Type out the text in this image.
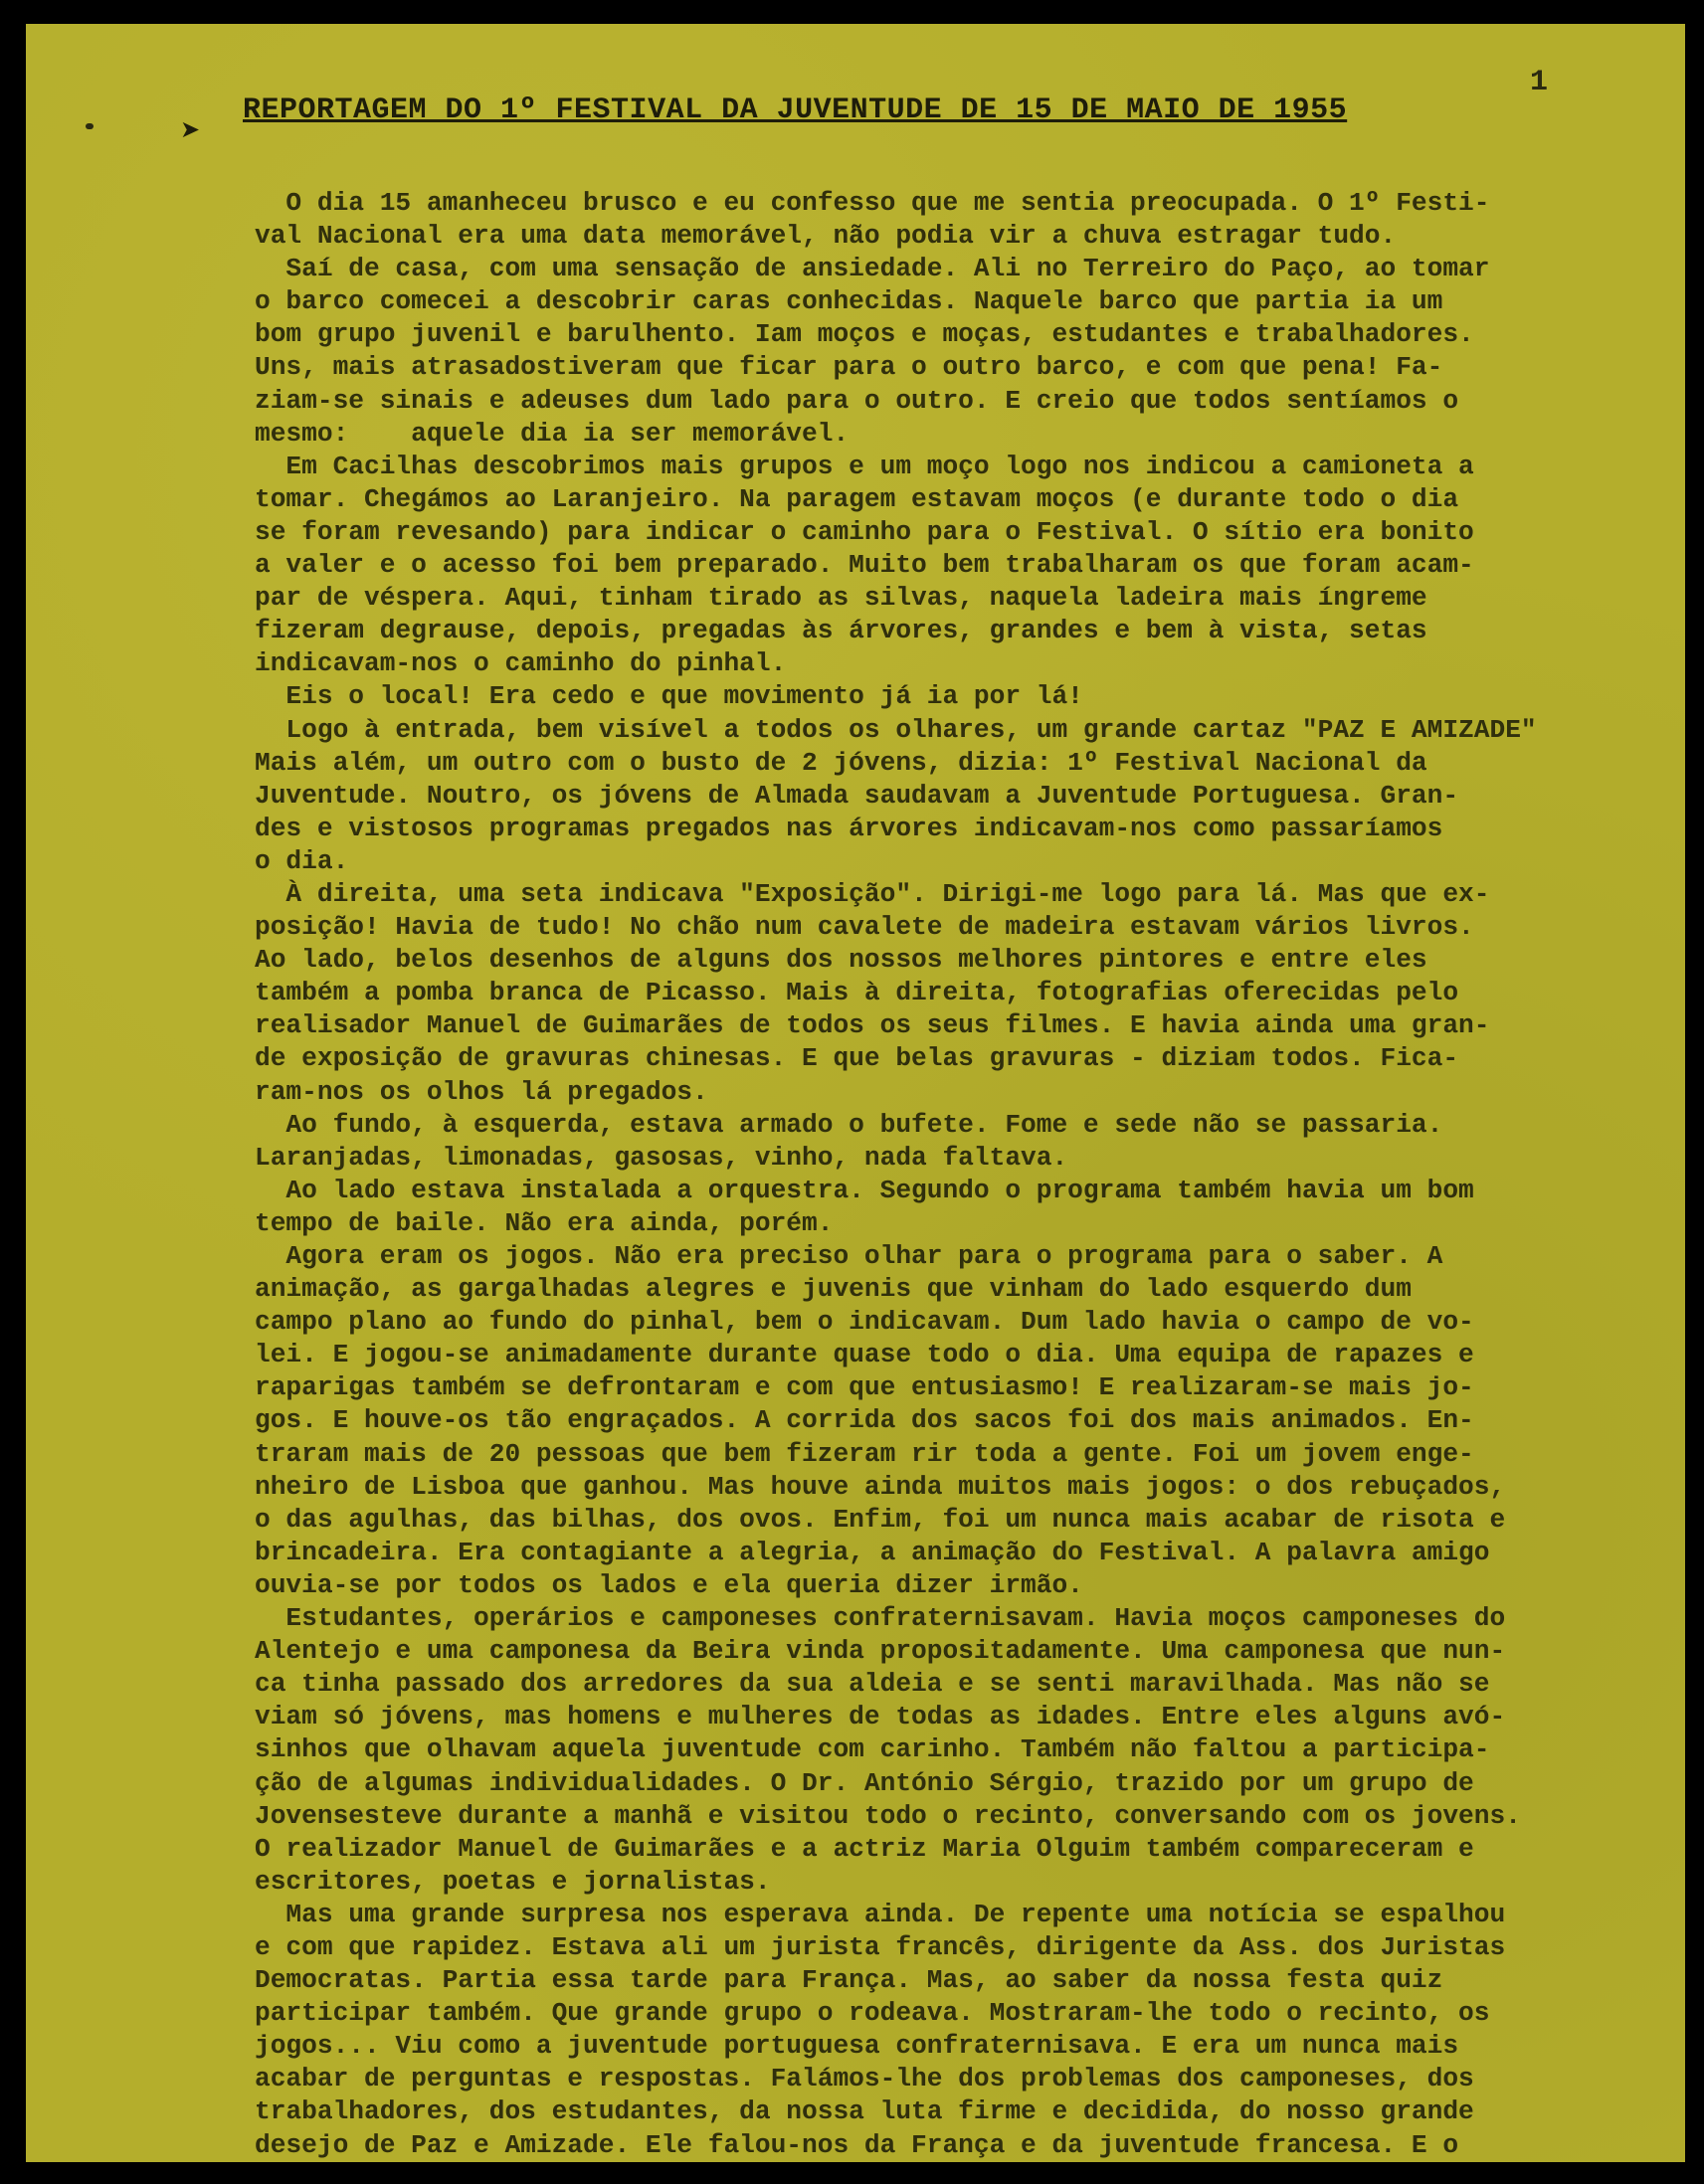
➤
1
REPORTAGEM DO 1º FESTIVAL DA JUVENTUDE DE 15 DE MAIO DE 1955
O dia 15 amanheceu brusco e eu confesso que me sentia preocupada. O 1º Festi-
val Nacional era uma data memorável, não podia vir a chuva estragar tudo.
Saí de casa, com uma sensação de ansiedade. Ali no Terreiro do Paço, ao tomar
o barco comecei a descobrir caras conhecidas. Naquele barco que partia ia um
bom grupo juvenil e barulhento. Iam moços e moças, estudantes e trabalhadores.
Uns, mais atrasadostiveram que ficar para o outro barco, e com que pena! Fa-
ziam-se sinais e adeuses dum lado para o outro. E creio que todos sentíamos o
mesmo:    aquele dia ia ser memorável.
Em Cacilhas descobrimos mais grupos e um moço logo nos indicou a camioneta a
tomar. Chegámos ao Laranjeiro. Na paragem estavam moços (e durante todo o dia
se foram revesando) para indicar o caminho para o Festival. O sítio era bonito
a valer e o acesso foi bem preparado. Muito bem trabalharam os que foram acam-
par de véspera. Aqui, tinham tirado as silvas, naquela ladeira mais íngreme
fizeram degrause, depois, pregadas às árvores, grandes e bem à vista, setas
indicavam-nos o caminho do pinhal.
Eis o local! Era cedo e que movimento já ia por lá!
Logo à entrada, bem visível a todos os olhares, um grande cartaz "PAZ E AMIZADE"
Mais além, um outro com o busto de 2 jóvens, dizia: 1º Festival Nacional da
Juventude. Noutro, os jóvens de Almada saudavam a Juventude Portuguesa. Gran-
des e vistosos programas pregados nas árvores indicavam-nos como passaríamos
o dia.
À direita, uma seta indicava "Exposição". Dirigi-me logo para lá. Mas que ex-
posição! Havia de tudo! No chão num cavalete de madeira estavam vários livros.
Ao lado, belos desenhos de alguns dos nossos melhores pintores e entre eles
também a pomba branca de Picasso. Mais à direita, fotografias oferecidas pelo
realisador Manuel de Guimarães de todos os seus filmes. E havia ainda uma gran-
de exposição de gravuras chinesas. E que belas gravuras - diziam todos. Fica-
ram-nos os olhos lá pregados.
Ao fundo, à esquerda, estava armado o bufete. Fome e sede não se passaria.
Laranjadas, limonadas, gasosas, vinho, nada faltava.
Ao lado estava instalada a orquestra. Segundo o programa também havia um bom
tempo de baile. Não era ainda, porém.
Agora eram os jogos. Não era preciso olhar para o programa para o saber. A
animação, as gargalhadas alegres e juvenis que vinham do lado esquerdo dum
campo plano ao fundo do pinhal, bem o indicavam. Dum lado havia o campo de vo-
lei. E jogou-se animadamente durante quase todo o dia. Uma equipa de rapazes e
raparigas também se defrontaram e com que entusiasmo! E realizaram-se mais jo-
gos. E houve-os tão engraçados. A corrida dos sacos foi dos mais animados. En-
traram mais de 20 pessoas que bem fizeram rir toda a gente. Foi um jovem enge-
nheiro de Lisboa que ganhou. Mas houve ainda muitos mais jogos: o dos rebuçados,
o das agulhas, das bilhas, dos ovos. Enfim, foi um nunca mais acabar de risota e
brincadeira. Era contagiante a alegria, a animação do Festival. A palavra amigo
ouvia-se por todos os lados e ela queria dizer irmão.
Estudantes, operários e camponeses confraternisavam. Havia moços camponeses do
Alentejo e uma camponesa da Beira vinda propositadamente. Uma camponesa que nun-
ca tinha passado dos arredores da sua aldeia e se senti maravilhada. Mas não se
viam só jóvens, mas homens e mulheres de todas as idades. Entre eles alguns avó-
sinhos que olhavam aquela juventude com carinho. Também não faltou a participa-
ção de algumas individualidades. O Dr. António Sérgio, trazido por um grupo de
Jovensesteve durante a manhã e visitou todo o recinto, conversando com os jovens.
O realizador Manuel de Guimarães e a actriz Maria Olguim também compareceram e
escritores, poetas e jornalistas.
Mas uma grande surpresa nos esperava ainda. De repente uma notícia se espalhou
e com que rapidez. Estava ali um jurista francês, dirigente da Ass. dos Juristas
Democratas. Partia essa tarde para França. Mas, ao saber da nossa festa quiz
participar também. Que grande grupo o rodeava. Mostraram-lhe todo o recinto, os
jogos... Viu como a juventude portuguesa confraternisava. E era um nunca mais
acabar de perguntas e respostas. Falámos-lhe dos problemas dos camponeses, dos
trabalhadores, dos estudantes, da nossa luta firme e decidida, do nosso grande
desejo de Paz e Amizade. Ele falou-nos da França e da juventude francesa. E o
